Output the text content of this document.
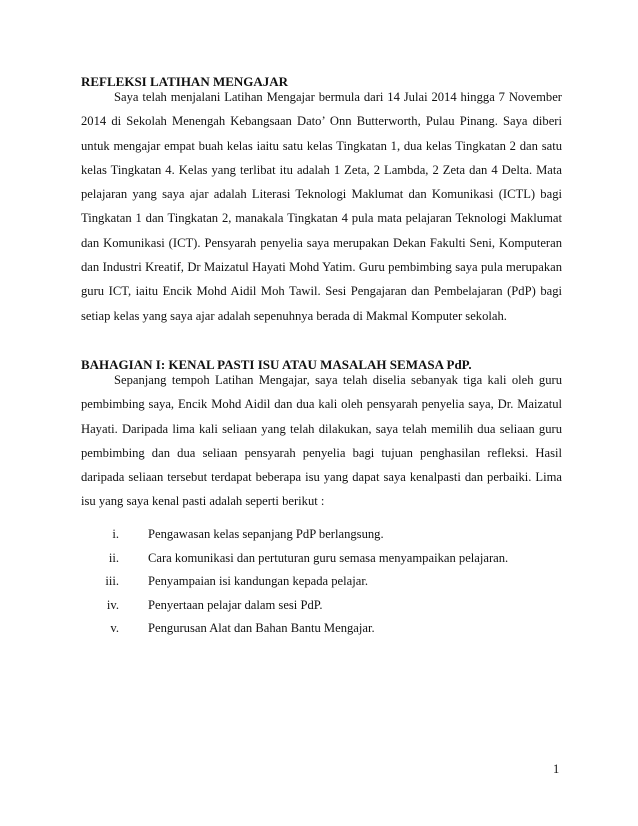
REFLEKSI LATIHAN MENGAJAR

Saya telah menjalani Latihan Mengajar bermula dari 14 Julai 2014 hingga 7 November 2014 di Sekolah Menengah Kebangsaan Dato’ Onn Butterworth, Pulau Pinang. Saya diberi untuk mengajar empat buah kelas iaitu satu kelas Tingkatan 1, dua kelas Tingkatan 2 dan satu kelas Tingkatan 4. Kelas yang terlibat itu adalah 1 Zeta, 2 Lambda, 2 Zeta dan 4 Delta. Mata pelajaran yang saya ajar adalah Literasi Teknologi Maklumat dan Komunikasi (ICTL) bagi Tingkatan 1 dan Tingkatan 2, manakala Tingkatan 4 pula mata pelajaran Teknologi Maklumat dan Komunikasi (ICT). Pensyarah penyelia saya merupakan Dekan Fakulti Seni, Komputeran dan Industri Kreatif, Dr Maizatul Hayati Mohd Yatim. Guru pembimbing saya pula merupakan guru ICT, iaitu Encik Mohd Aidil Moh Tawil. Sesi Pengajaran dan Pembelajaran (PdP) bagi setiap kelas yang saya ajar adalah sepenuhnya berada di Makmal Komputer sekolah.

BAHAGIAN I: KENAL PASTI ISU ATAU MASALAH SEMASA PdP.

Sepanjang tempoh Latihan Mengajar, saya telah diselia sebanyak tiga kali oleh guru pembimbing saya, Encik Mohd Aidil dan dua kali oleh pensyarah penyelia saya, Dr. Maizatul Hayati. Daripada lima kali seliaan yang telah dilakukan, saya telah memilih dua seliaan guru pembimbing dan dua seliaan pensyarah penyelia bagi tujuan penghasilan refleksi. Hasil daripada seliaan tersebut terdapat beberapa isu yang dapat saya kenalpasti dan perbaiki. Lima isu yang saya kenal pasti adalah seperti berikut :

i. Pengawasan kelas sepanjang PdP berlangsung.
ii. Cara komunikasi dan pertuturan guru semasa menyampaikan pelajaran.
iii. Penyampaian isi kandungan kepada pelajar.
iv. Penyertaan pelajar dalam sesi PdP.
v. Pengurusan Alat dan Bahan Bantu Mengajar.
1
